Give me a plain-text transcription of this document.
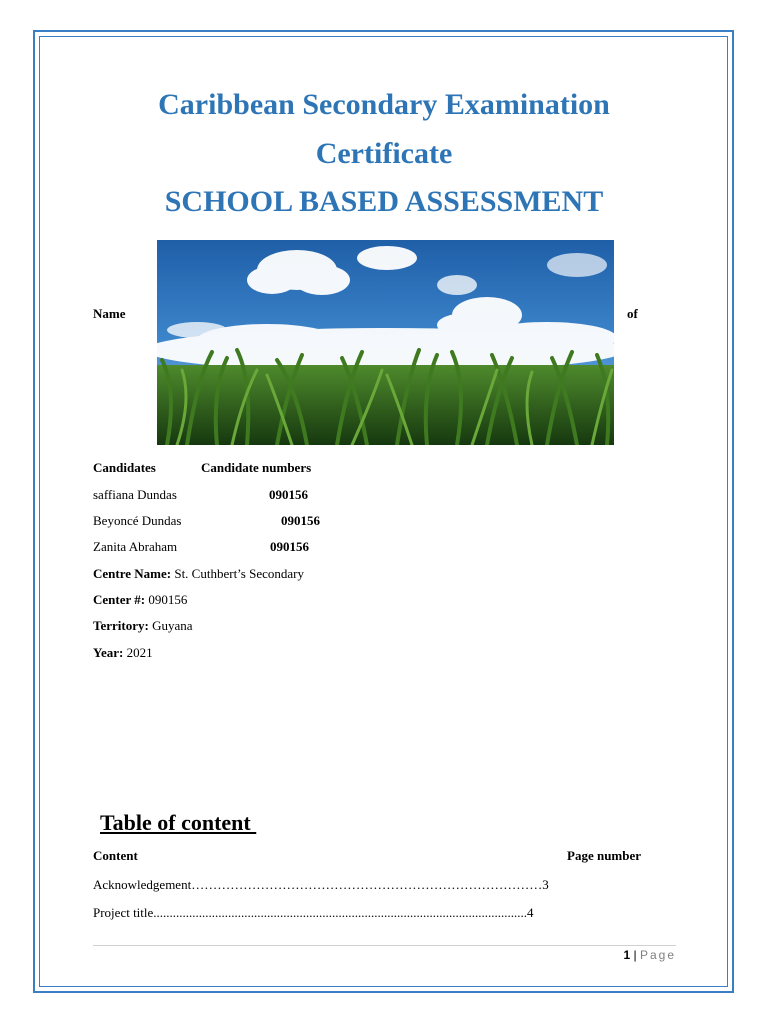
Caribbean Secondary Examination
Certificate
SCHOOL BASED ASSESSMENT
Name	of
Candidates	Candidate numbers
saffiana Dundas	090156
Beyoncé Dundas	090156
Zanita Abraham	090156
Centre Name: St. Cuthbert’s Secondary
Center #: 090156
Territory: Guyana
Year: 2021
Table of content
Content	Page number
Acknowledgement………………………………………………………………………3
Project title...................................................................................................................4
1 | Page
